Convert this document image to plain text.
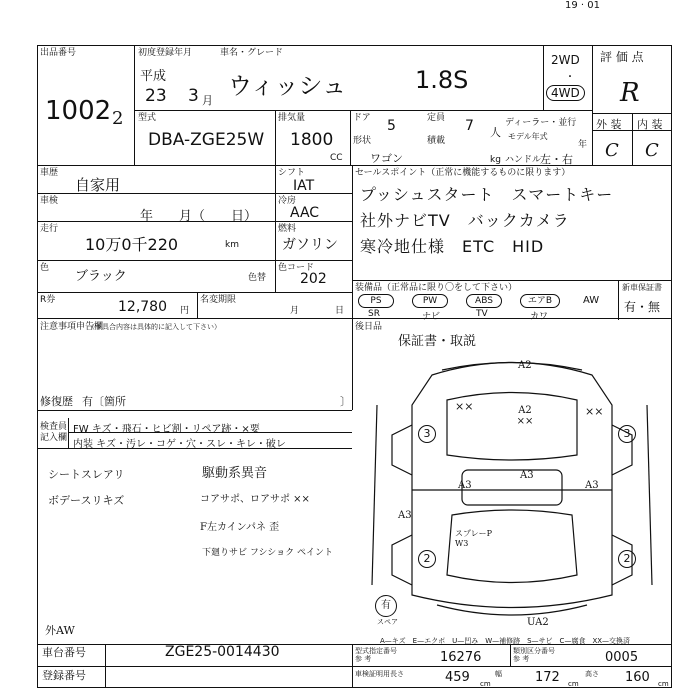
19 · 01
出品番号
1002 2
初度登録年月	車名・グレード
平成
23 3 月
ウィッシュ	1.8S
2WD
・
4WD
評 価 点
R
外 装 内 装
C C
型式
DBA-ZGE25W
排気量
1800
CC
ドア 5	定員 7 人
ディーラー・並行
形状	積載	モデル年式
年
ワゴン	kg ハンドル
左・右
車歴
自家用
シフト
IAT
車検
年　　月（　　日）
冷房
AAC
走行
10万0千220	km
燃料
ガソリン
色
ブラック	色替
色コード
202
R券	12,780 円
名変期限
月	日
セールスポイント（正常に機能するものに限ります）
プッシュスタート　スマートキー
社外ナビTV　バックカメラ
寒冷地仕様　ETC　HID
装備品（正常品に限り〇をして下さい）
PS	PW	ABS	エアB	AW
SR	ナビ	TV	カワ
新車保証書
有・無
注意事項申告欄
（不具合内容は具体的に記入して下さい）
修復歴 有〔箇所	〕
後日品
保証書・取説
検査員
記入欄
FW キズ・飛石・ヒビ割・リペア跡・×要
内装 キズ・汚レ・コゲ・穴・スレ・キレ・破レ
シートスレアリ
ボデースリキズ
駆動系異音
コアサポ、ロアサポ ××
F左カインパネ 歪
下廻りサビ フシショク ペイント
外AW
3	3
2	2
A2
××	A2 ××
××
A3	A3
A3
A3
スプレーP W3
UA2
有
スペア
A—キズ　E—エクボ　U—凹み　W—補修跡　S—サビ　C—腐食　XX—交換済
車台番号	ZGE25-0014430
登録番号
型式指定番号 参 考	16276	類別区分番号 参 考	0005
車検証明用 長さ	459 cm
幅	172 cm
高さ 160 cm
